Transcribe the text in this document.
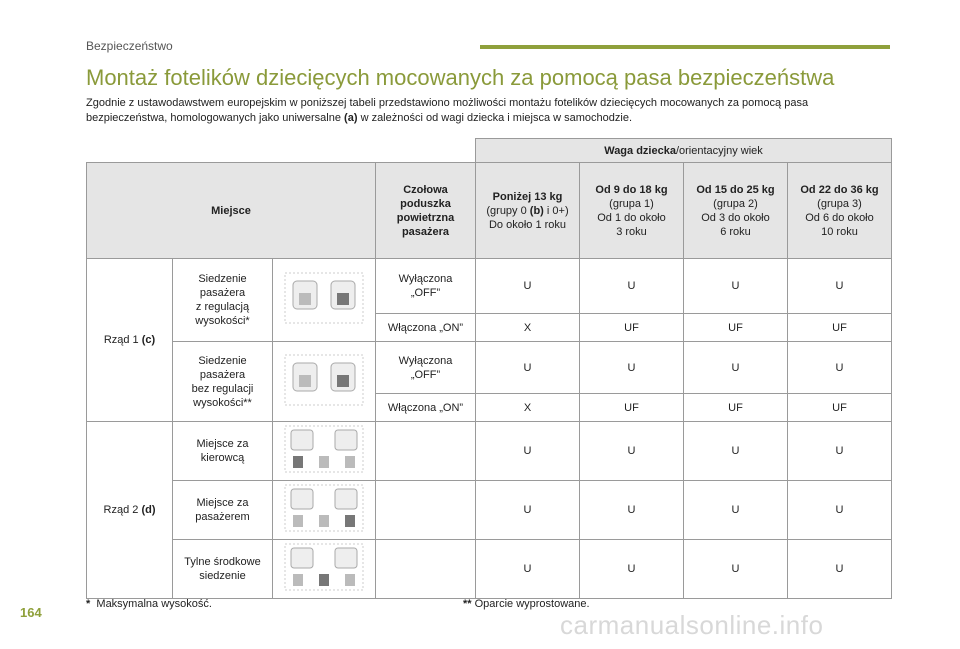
Bezpieczeństwo
Montaż fotelików dziecięcych mocowanych za pomocą pasa bezpieczeństwa
Zgodnie z ustawodawstwem europejskim w poniższej tabeli przedstawiono możliwości montażu fotelików dziecięcych mocowanych za pomocą pasa
bezpieczeństwa, homologowanych jako uniwersalne (a) w zależności od wagi dziecka i miejsca w samochodzie.
				Waga dziecka/orientacyjny wiek			
Miejsce			Czołowa
poduszka
powietrzna
pasażera	Poniżej 13 kg
(grupy 0 (b) i 0+)
Do około 1 roku	Od 9 do 18 kg
(grupa 1)
Od 1 do około
3 roku	Od 15 do 25 kg
(grupa 2)
Od 3 do około
6 roku	Od 22 do 36 kg
(grupa 3)
Od 6 do około
10 roku
Rząd 1 (c)	Siedzenie
pasażera
z regulacją
wysokości*		Wyłączona
„OFF”	U	U	U	U
			Włączona „ON”	X	UF	UF	UF
	Siedzenie
pasażera
bez regulacji
wysokości**		Wyłączona
„OFF”	U	U	U	U
			Włączona „ON”	X	UF	UF	UF
Rząd 2 (d)	Miejsce za
kierowcą			U	U	U	U
	Miejsce za
pasażerem			U	U	U	U
	Tylne środkowe
siedzenie			U	U	U	U
* Maksymalna wysokość.	** Oparcie wyprostowane.
164	carmanualsonline.info
